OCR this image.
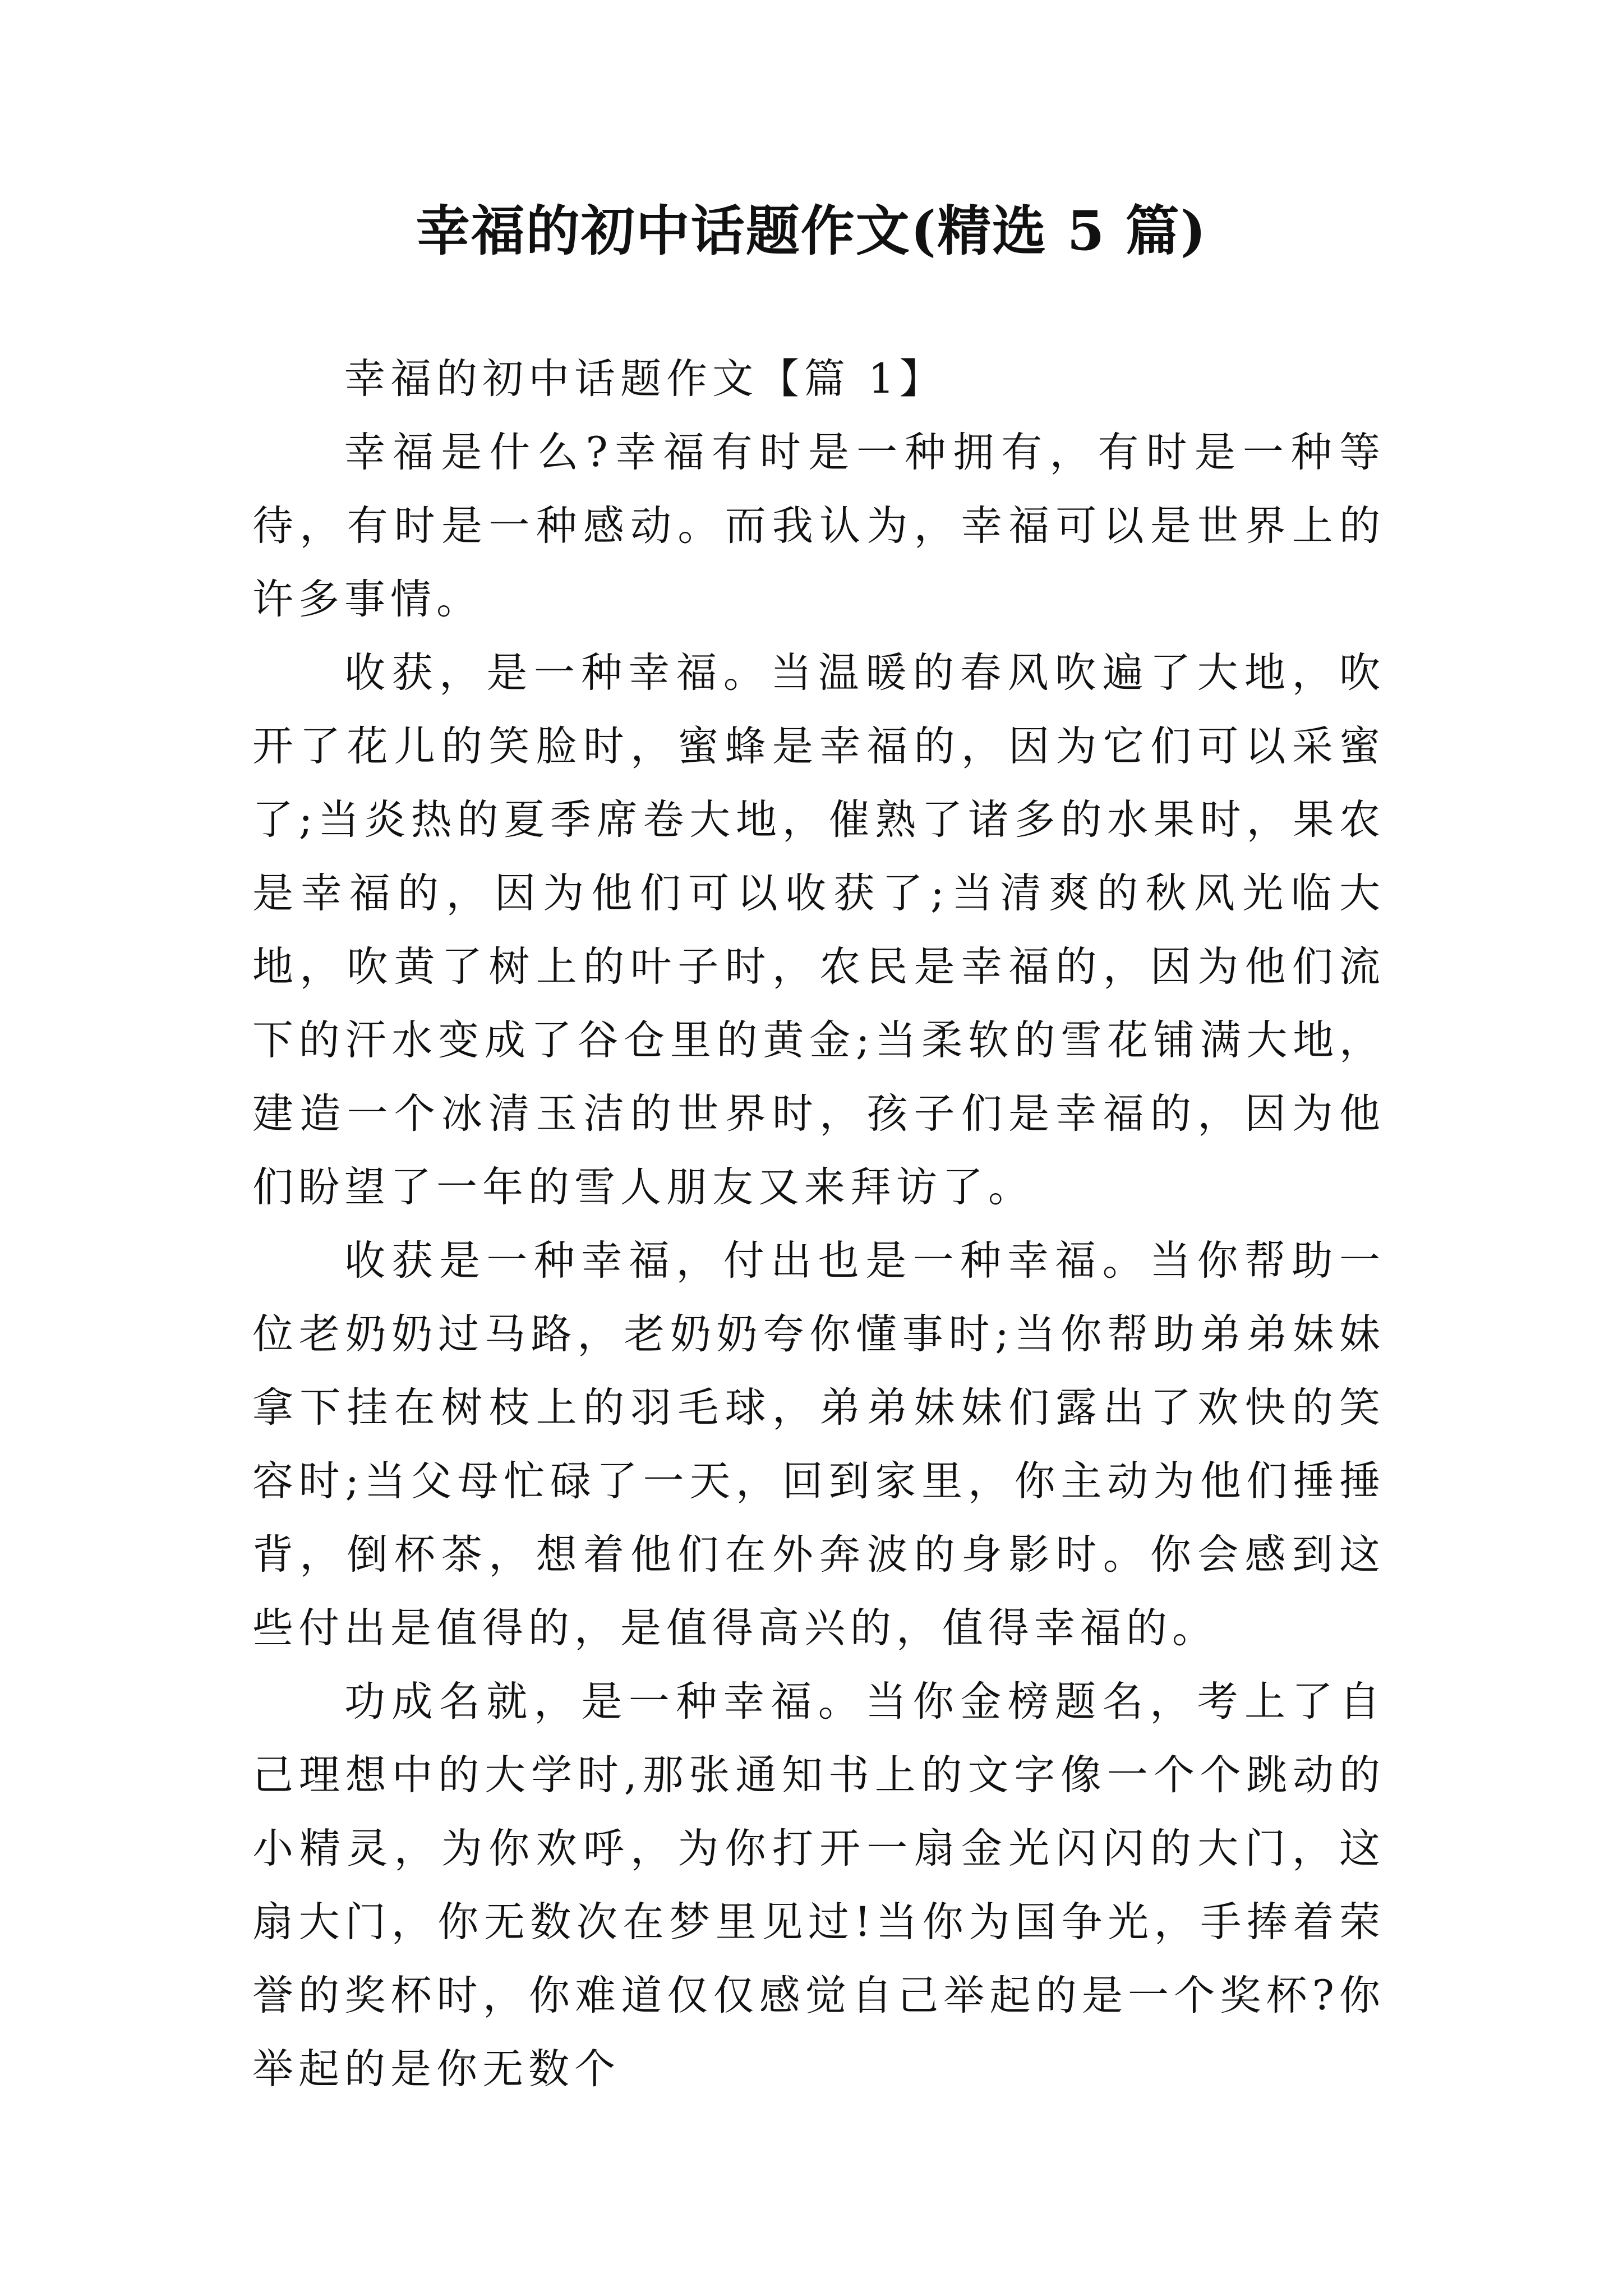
幸福的初中话题作文(精选 5 篇)

幸福的初中话题作文【篇 1】

幸福是什么?幸福有时是一种拥有，有时是一种等待，有时是一种感动。而我认为，幸福可以是世界上的许多事情。

收获，是一种幸福。当温暖的春风吹遍了大地，吹开了花儿的笑脸时，蜜蜂是幸福的，因为它们可以采蜜了;当炎热的夏季席卷大地，催熟了诸多的水果时，果农是幸福的，因为他们可以收获了;当清爽的秋风光临大地，吹黄了树上的叶子时，农民是幸福的，因为他们流下的汗水变成了谷仓里的黄金;当柔软的雪花铺满大地，建造一个冰清玉洁的世界时，孩子们是幸福的，因为他们盼望了一年的雪人朋友又来拜访了。

收获是一种幸福，付出也是一种幸福。当你帮助一位老奶奶过马路，老奶奶夸你懂事时;当你帮助弟弟妹妹拿下挂在树枝上的羽毛球，弟弟妹妹们露出了欢快的笑容时;当父母忙碌了一天，回到家里，你主动为他们捶捶背，倒杯茶，想着他们在外奔波的身影时。你会感到这些付出是值得的，是值得高兴的，值得幸福的。

功成名就，是一种幸福。当你金榜题名，考上了自己理想中的大学时,那张通知书上的文字像一个个跳动的小精灵，为你欢呼，为你打开一扇金光闪闪的大门，这扇大门，你无数次在梦里见过!当你为国争光，手捧着荣誉的奖杯时，你难道仅仅感觉自己举起的是一个奖杯?你举起的是你无数个
